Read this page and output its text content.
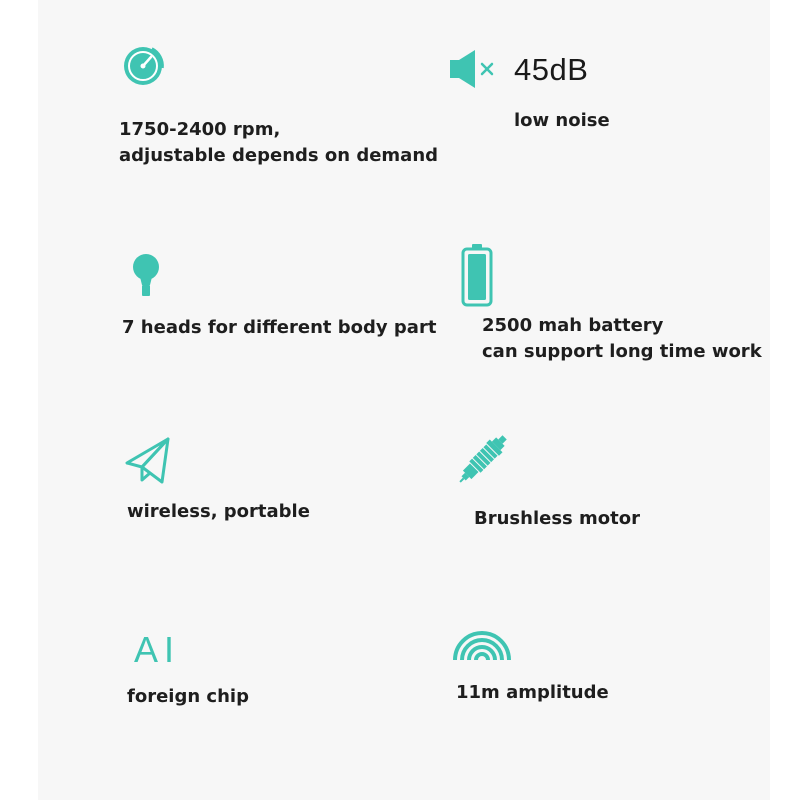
1750-2400 rpm,
adjustable depends on demand

45dB

low noise

7 heads for different body part	2500 mah battery
can support long time work

wireless, portable	Brushless motor

AI

foreign chip	11m amplitude
